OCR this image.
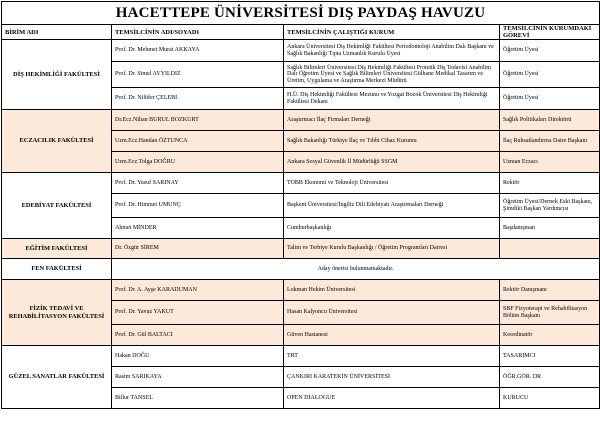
HACETTEPE ÜNİVERSİTESİ DIŞ PAYDAŞ HAVUZU			
BİRİM ADI	TEMSİLCİNİN ADI/SOYADI	TEMSİLCİNİN ÇALIŞTIĞI KURUM	TEMSİLCİNİN KURUMDAKİ GÖREVİ
DİŞ HEKİMLİĞİ FAKÜLTESİ	Prof. Dr. Mehmet Murat AKKAYA	Ankara Üniversitesi Diş Hekimliği Fakültesi Periodontoloji Anabilim Dalı Başkanı ve Sağlık Bakanlığı Tıpta Uzmanlık Kurulu Üyesi	Öğretim Üyesi
	Prof. Dr. Simel AYYILDIZ	Sağlık Bilimleri Üniversitesi Diş Hekimliği Fakültesi Protetik Diş Tedavisi Anabilim Dalı Öğretim Üyesi ve Sağlık Bilimleri Üniversitesi Gülhane Medikal Tasarım ve Üretim, Uygulama ve Araştırma Merkezi Müdürü	Öğretim Üyesi
	Prof. Dr. Nilüfer ÇELEBİ	H.Ü. Diş Hekimliği Fakültesi Mezunu ve Yozgat Bozok Üniversitesi Diş Hekimliği Fakültesi Dekanı	Öğretim Üyesi
ECZACILIK FAKÜLTESİ	Dr.Ecz.Nihan BURUL BOZKURT	Araştırmacı İlaç Firmaları Derneği	Sağlık Politikaları Direktörü
	Uzm.Ecz.Handan ÖZTUNCA	Sağlık Bakanlığı Türkiye İlaç ve Tıbbi Cihaz Kurumu	İlaç Ruhsatlandırma Daire Başkanı
	Uzm.Ecz.Tolga DOĞRU	Ankara Sosyal Güvenlik İl Müdürlüğü SSGM	Uzman Eczacı
EDEBİYAT FAKÜLTESİ	Prof. Dr. Yusuf SARINAY	TOBB Ekonomi ve Teknoloji Üniversitesi	Rektör
	Prof. Dr. Himmet UMUNÇ	Başkent Üniversitesi/İngiliz Dili Edebiyatı Araştırmaları Derneği	Öğretim Üyesi/Dernek Eski Başkanı, Şimdiki Başkan Yardımcısı
	Ahmet MİNDER	Cumhurbaşkanlığı	Başdanışman
EĞİTİM FAKÜLTESİ	Dr. Özgür SİREM	Talim ve Terbiye Kurulu Başkanlığı / Öğretim Programları Dairesi	
FEN FAKÜLTESİ	Aday önerisi bulunmamaktadır.		
FİZİK TEDAVİ VE REHABİLİTASYON FAKÜLTESİ	Prof. Dr. A. Ayşe KARADUMAN	Lokman Hekim Üniversitesi	Rektör Danışmanı
	Prof. Dr. Yavuz YAKUT	Hasan Kalyoncu Üniversitesi	SBF Fizyoterapi ve Rehabilitasyon Bölüm Başkanı
	Prof. Dr. Gül BALTACI	Güven Hastanesi	Koordinatör
GÜZEL SANATLAR FAKÜLTESİ	Hakan DOĞU	TRT	TASARIMCI
	Rasim SARIKAYA	ÇANKIRI KARATEKİN ÜNİVERSİTESİ	ÖĞR.GÖR. DR
	Billur TANSEL	OPEN DIALOGUE	KURUCU
